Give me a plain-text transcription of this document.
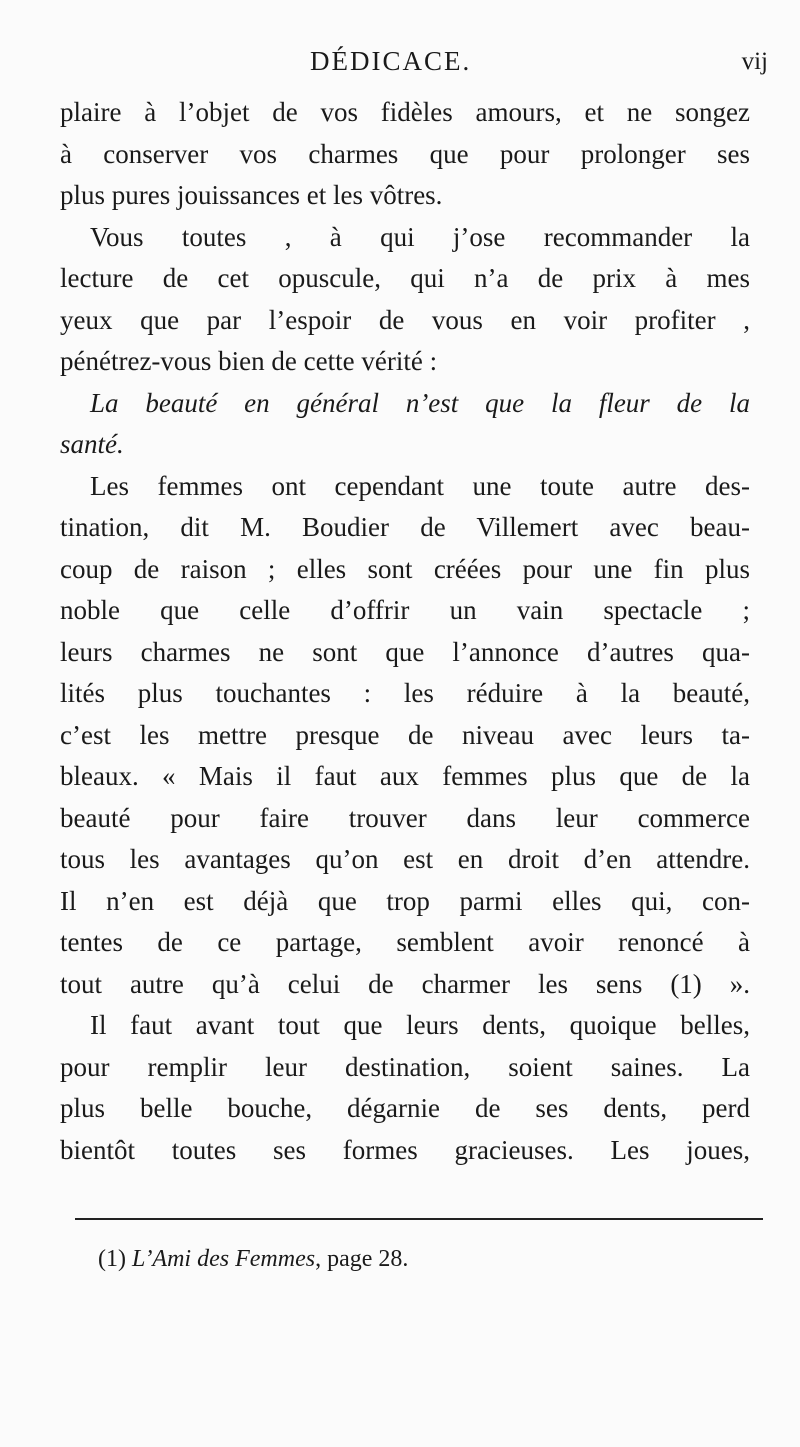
DÉDICACE.	vij
plaire à l’objet de vos fidèles amours, et ne songez
à conserver vos charmes que pour prolonger ses
plus pures jouissances et les vôtres.
Vous toutes , à qui j’ose recommander la
lecture de cet opuscule, qui n’a de prix à mes
yeux que par l’espoir de vous en voir profiter ,
pénétrez-vous bien de cette vérité :
La beauté en général n’est que la fleur de la
santé.
Les femmes ont cependant une toute autre des-
tination, dit M. Boudier de Villemert avec beau-
coup de raison ; elles sont créées pour une fin plus
noble que celle d’offrir un vain spectacle ;
leurs charmes ne sont que l’annonce d’autres qua-
lités plus touchantes : les réduire à la beauté,
c’est les mettre presque de niveau avec leurs ta-
bleaux. « Mais il faut aux femmes plus que de la
beauté pour faire trouver dans leur commerce
tous les avantages qu’on est en droit d’en attendre.
Il n’en est déjà que trop parmi elles qui, con-
tentes de ce partage, semblent avoir renoncé à
tout autre qu’à celui de charmer les sens (1) ».
Il faut avant tout que leurs dents, quoique belles,
pour remplir leur destination, soient saines. La
plus belle bouche, dégarnie de ses dents, perd
bientôt toutes ses formes gracieuses. Les joues,
(1) L’Ami des Femmes, page 28.
